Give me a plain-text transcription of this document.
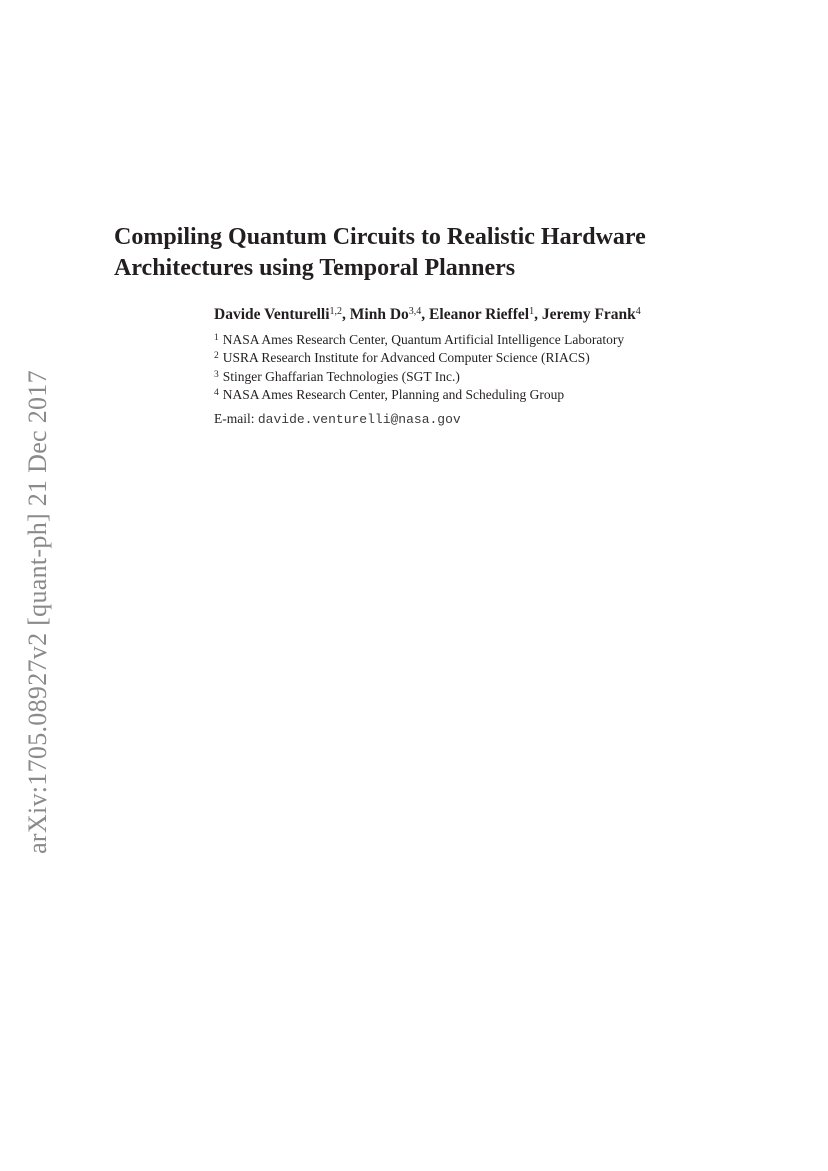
arXiv:1705.08927v2 [quant-ph] 21 Dec 2017
Compiling Quantum Circuits to Realistic Hardware
Architectures using Temporal Planners
Davide Venturelli$^{1,2}$, Minh Do$^{3,4}$, Eleanor Rieffel$^1$, Jeremy Frank$^4$
$^1$ NASA Ames Research Center, Quantum Artificial Intelligence Laboratory
$^2$ USRA Research Institute for Advanced Computer Science (RIACS)
$^3$ Stinger Ghaffarian Technologies (SGT Inc.)
$^4$ NASA Ames Research Center, Planning and Scheduling Group
E-mail: davide.venturelli@nasa.gov
